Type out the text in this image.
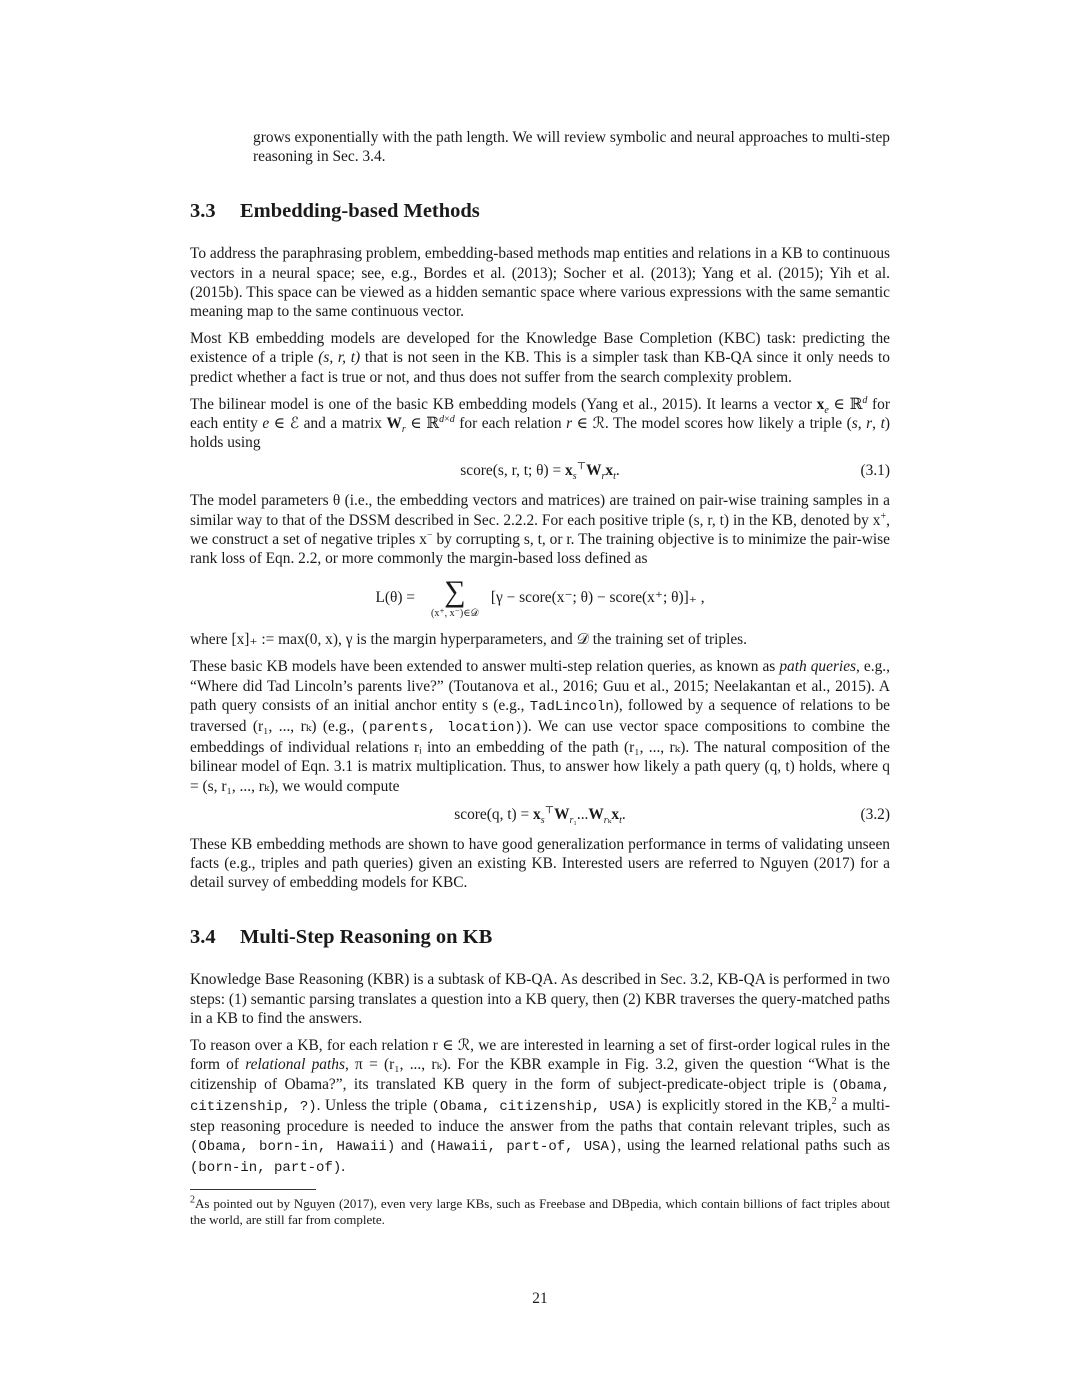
grows exponentially with the path length. We will review symbolic and neural approaches to multi-step reasoning in Sec. 3.4.

3.3 Embedding-based Methods

To address the paraphrasing problem, embedding-based methods map entities and relations in a KB to continuous vectors in a neural space; see, e.g., Bordes et al. (2013); Socher et al. (2013); Yang et al. (2015); Yih et al. (2015b). This space can be viewed as a hidden semantic space where various expressions with the same semantic meaning map to the same continuous vector.

Most KB embedding models are developed for the Knowledge Base Completion (KBC) task: predicting the existence of a triple (s, r, t) that is not seen in the KB. This is a simpler task than KB-QA since it only needs to predict whether a fact is true or not, and thus does not suffer from the search complexity problem.

The bilinear model is one of the basic KB embedding models (Yang et al., 2015). It learns a vector $x_e$ ∈ ℝ$^d$ for each entity e ∈ ℰ and a matrix $W_r$ ∈ ℝ$^{d\times d}$ for each relation r ∈ ℛ. The model scores how likely a triple (s, r, t) holds using

score(s, r, t; $\theta) = x_s^⊤W_rx_t$.	(3.1)

The model parameters θ (i.e., the embedding vectors and matrices) are trained on pair-wise training samples in a similar way to that of the DSSM described in Sec. 2.2.2. For each positive triple (s, r, t) in the KB, denoted by x+, we construct a set of negative triples x− by corrupting s, t, or r. The training objective is to minimize the pair-wise rank loss of Eqn. 2.2, or more commonly the margin-based loss defined as

L(θ) = ∑
(x⁺, x⁻)∈𝒟
[γ − score(x⁻; θ) − score(x⁺; θ)]₊ ,

where [x]₊ := max(0, x), γ is the margin hyperparameters, and 𝒟 the training set of triples.

These basic KB models have been extended to answer multi-step relation queries, as known as path queries, e.g., “Where did Tad Lincoln’s parents live?” (Toutanova et al., 2016; Guu et al., 2015; Neelakantan et al., 2015). A path query consists of an initial anchor entity s (e.g., TadLincoln), followed by a sequence of relations to be traversed (r₁, ..., rₖ) (e.g., (parents, location)). We can use vector space compositions to combine the embeddings of individual relations rᵢ into an embedding of the path (r₁, ..., rₖ). The natural composition of the bilinear model of Eqn. 3.1 is matrix multiplication. Thus, to answer how likely a path query (q, t) holds, where q = (s, r₁, ..., rₖ), we would compute

score(q, $t) = x_s^⊤W_{r_1}...W_{r_k}x_t$.	(3.2)

These KB embedding methods are shown to have good generalization performance in terms of validating unseen facts (e.g., triples and path queries) given an existing KB. Interested users are referred to Nguyen (2017) for a detail survey of embedding models for KBC.

3.4 Multi-Step Reasoning on KB

Knowledge Base Reasoning (KBR) is a subtask of KB-QA. As described in Sec. 3.2, KB-QA is performed in two steps: (1) semantic parsing translates a question into a KB query, then (2) KBR traverses the query-matched paths in a KB to find the answers.

To reason over a KB, for each relation r ∈ ℛ, we are interested in learning a set of first-order logical rules in the form of relational paths, π = (r₁, ..., rₖ). For the KBR example in Fig. 3.2, given the question “What is the citizenship of Obama?”, its translated KB query in the form of subject-predicate-object triple is (Obama, citizenship, ?). Unless the triple (Obama, citizenship, USA) is explicitly stored in the KB,$^2$ a multi-step reasoning procedure is needed to induce the answer from the paths that contain relevant triples, such as (Obama, born-in, Hawaii) and (Hawaii, part-of, USA), using the learned relational paths such as (born-in, part-of).

$^2$As pointed out by Nguyen (2017), even very large KBs, such as Freebase and DBpedia, which contain billions of fact triples about the world, are still far from complete.

21
